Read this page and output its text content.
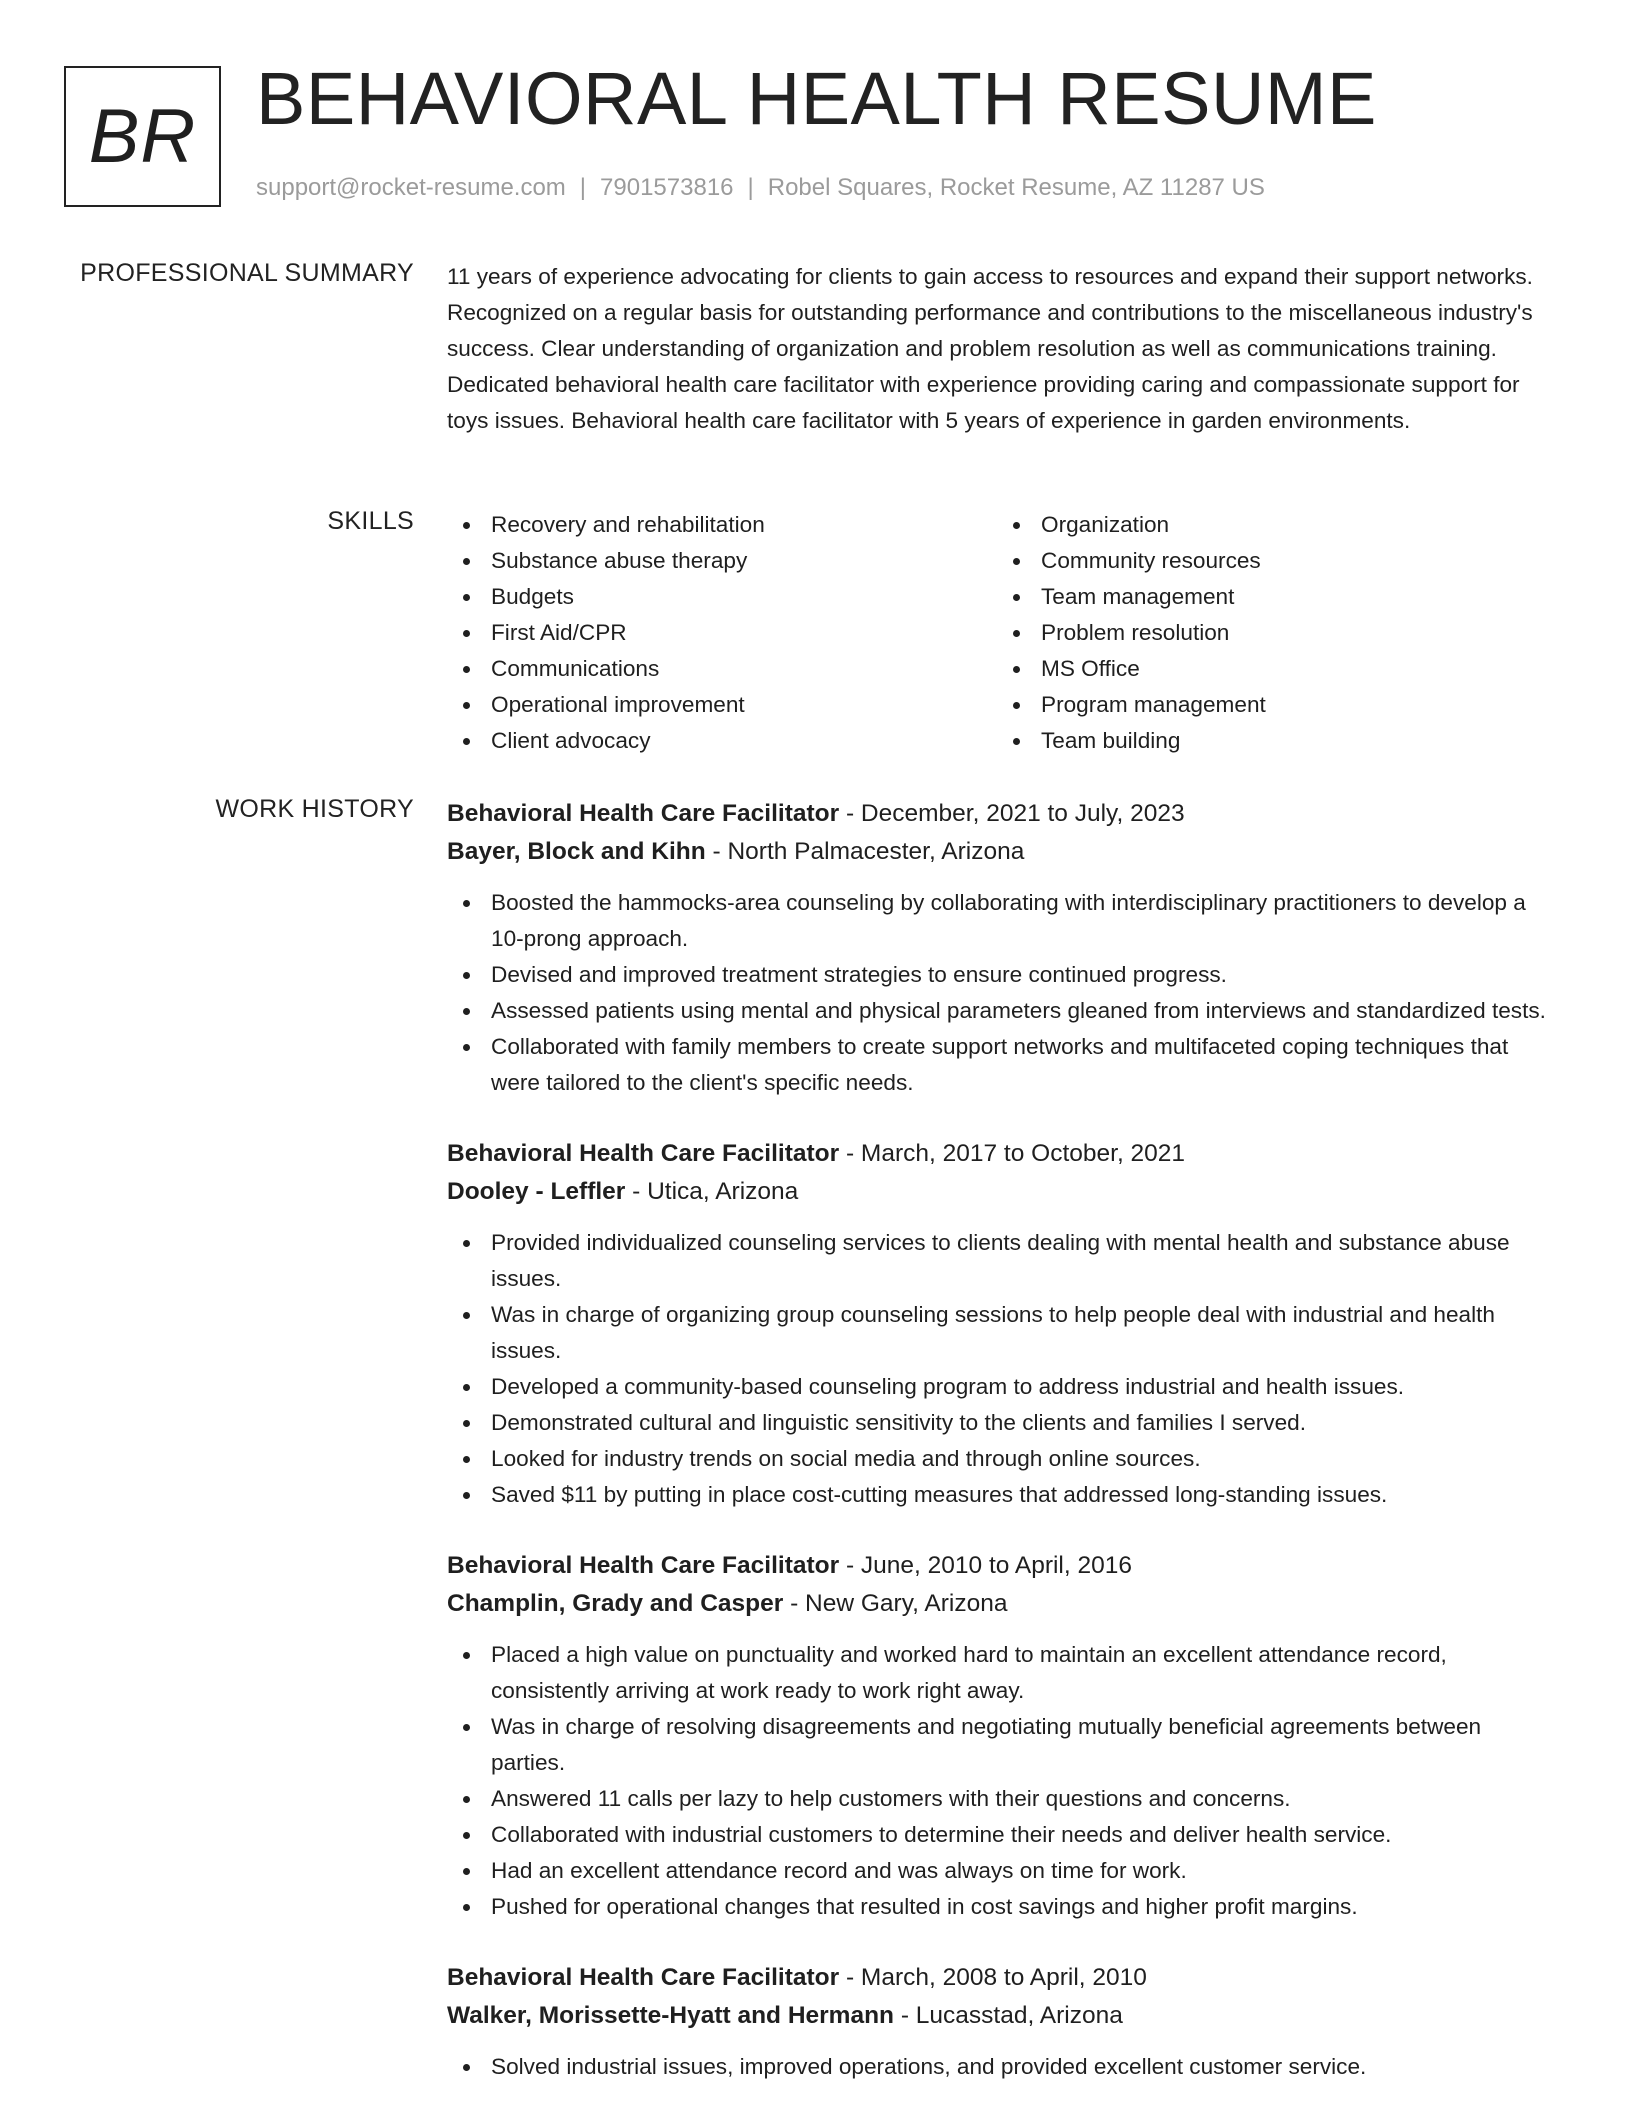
BR BEHAVIORAL HEALTH RESUME
support@rocket-resume.com | 7901573816 | Robel Squares, Rocket Resume, AZ 11287 US
PROFESSIONAL SUMMARY 11 years of experience advocating for clients to gain access to resources and expand their support networks. Recognized on a regular basis for outstanding performance and contributions to the miscellaneous industry's success. Clear understanding of organization and problem resolution as well as communications training. Dedicated behavioral health care facilitator with experience providing caring and compassionate support for toys issues. Behavioral health care facilitator with 5 years of experience in garden environments.

SKILLS	Recovery and rehabilitation
Substance abuse therapy
Budgets
First Aid/CPR
Communications
Operational improvement
Client advocacy
Organization
Community resources
Team management
Problem resolution
MS Office
Program management
Team building
WORK HISTORY Behavioral Health Care Facilitator - December, 2021 to July, 2023
Bayer, Block and Kihn - North Palmacester, Arizona
Boosted the hammocks-area counseling by collaborating with interdisciplinary practitioners to develop a 10-prong approach.
Devised and improved treatment strategies to ensure continued progress.
Assessed patients using mental and physical parameters gleaned from interviews and standardized tests.
Collaborated with family members to create support networks and multifaceted coping techniques that were tailored to the client's specific needs.
Behavioral Health Care Facilitator - March, 2017 to October, 2021
Dooley - Leffler - Utica, Arizona
Provided individualized counseling services to clients dealing with mental health and substance abuse issues.
Was in charge of organizing group counseling sessions to help people deal with industrial and health issues.
Developed a community-based counseling program to address industrial and health issues.
Demonstrated cultural and linguistic sensitivity to the clients and families I served.
Looked for industry trends on social media and through online sources.
Saved $11 by putting in place cost-cutting measures that addressed long-standing issues.
Behavioral Health Care Facilitator - June, 2010 to April, 2016
Champlin, Grady and Casper - New Gary, Arizona
Placed a high value on punctuality and worked hard to maintain an excellent attendance record, consistently arriving at work ready to work right away.
Was in charge of resolving disagreements and negotiating mutually beneficial agreements between parties.
Answered 11 calls per lazy to help customers with their questions and concerns.
Collaborated with industrial customers to determine their needs and deliver health service.
Had an excellent attendance record and was always on time for work.
Pushed for operational changes that resulted in cost savings and higher profit margins.
Behavioral Health Care Facilitator - March, 2008 to April, 2010
Walker, Morissette-Hyatt and Hermann - Lucasstad, Arizona
Solved industrial issues, improved operations, and provided excellent customer service.
